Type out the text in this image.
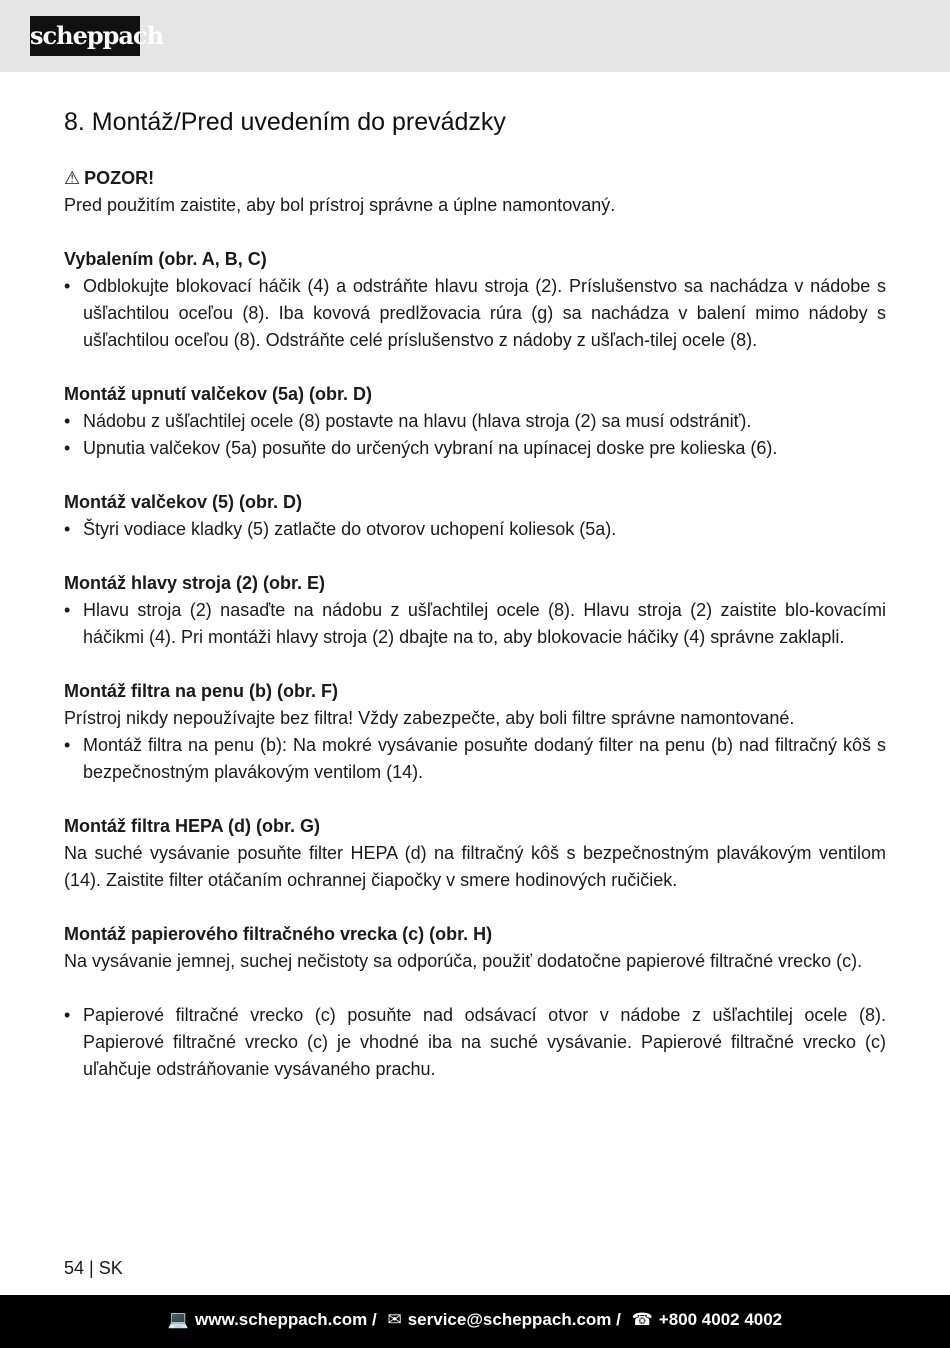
scheppach
8. Montáž/Pred uvedením do prevádzky
⚠ POZOR!

Pred použitím zaistite, aby bol prístroj správne a úplne namontovaný.

Vybalením (obr. A, B, C)

• Odblokujte blokovací háčik (4) a odstráňte hlavu stroja (2). Príslušenstvo sa nachádza v nádobe s ušľachtilou oceľou (8). Iba kovová predlžovacia rúra (g) sa nachádza v balení mimo nádoby s ušľachtilou oceľou (8). Odstráňte celé príslušenstvo z nádoby z ušľach-tilej ocele (8).

Montáž upnutí valčekov (5a) (obr. D)

• Nádobu z ušľachtilej ocele (8) postavte na hlavu (hlava stroja (2) sa musí odstrániť).
• Upnutia valčekov (5a) posuňte do určených vybraní na upínacej doske pre kolieska (6).

Montáž valčekov (5) (obr. D)

• Štyri vodiace kladky (5) zatlačte do otvorov uchopení koliesok (5a).

Montáž hlavy stroja (2) (obr. E)

• Hlavu stroja (2) nasaďte na nádobu z ušľachtilej ocele (8). Hlavu stroja (2) zaistite blo-kovacími háčikmi (4). Pri montáži hlavy stroja (2) dbajte na to, aby blokovacie háčiky (4) správne zaklapli.

Montáž filtra na penu (b) (obr. F)

Prístroj nikdy nepoužívajte bez filtra! Vždy zabezpečte, aby boli filtre správne namontované.

• Montáž filtra na penu (b): Na mokré vysávanie posuňte dodaný filter na penu (b) nad filtračný kôš s bezpečnostným plavákovým ventilom (14).

Montáž filtra HEPA (d) (obr. G)

Na suché vysávanie posuňte filter HEPA (d) na filtračný kôš s bezpečnostným plavákovým ventilom (14). Zaistite filter otáčaním ochrannej čiapočky v smere hodinových ručičiek.

Montáž papierového filtračného vrecka (c) (obr. H)

Na vysávanie jemnej, suchej nečistoty sa odporúča, použiť dodatočne papierové filtračné vrecko (c).

• Papierové filtračné vrecko (c) posuňte nad odsávací otvor v nádobe z ušľachtilej ocele (8). Papierové filtračné vrecko (c) je vhodné iba na suché vysávanie. Papierové filtračné vrecko (c) uľahčuje odstráňovanie vysávaného prachu.
54 | SK
💻 www.scheppach.com / ✉ service@scheppach.com / ☎ +800 4002 4002
